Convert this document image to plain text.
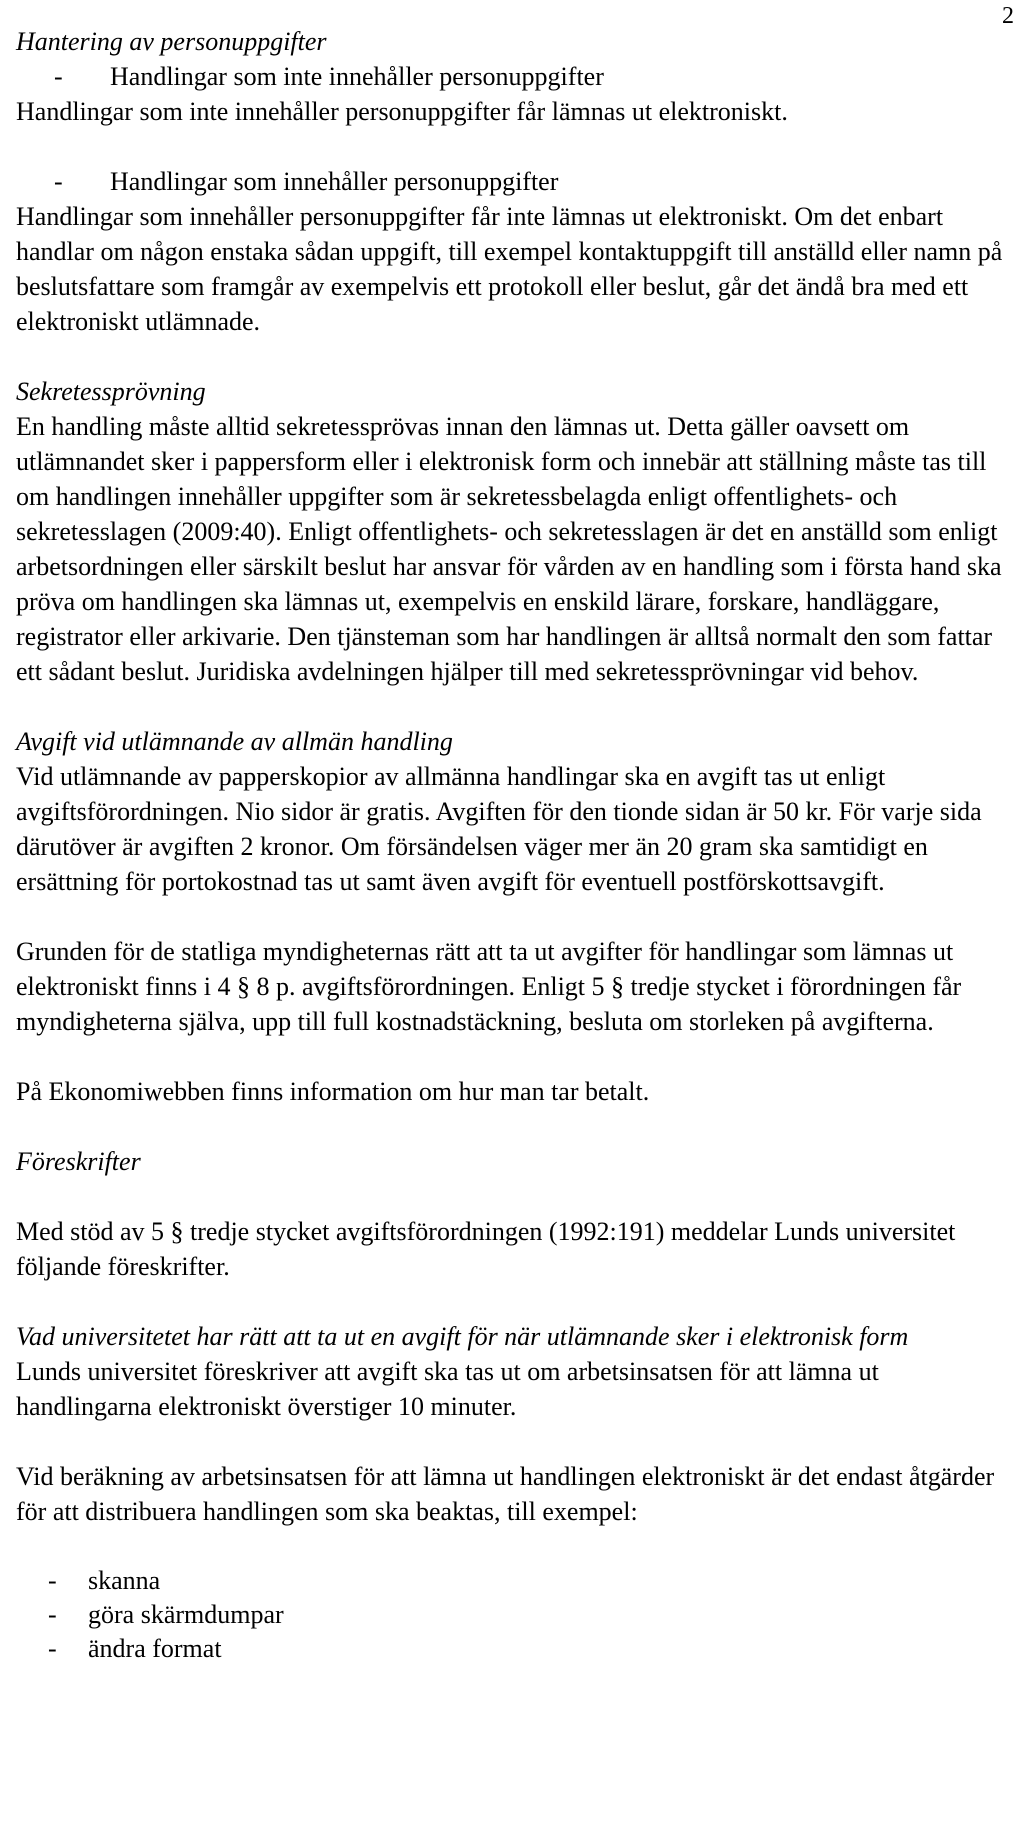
2

Hantering av personuppgifter

- Handlingar som inte innehåller personuppgifter

Handlingar som inte innehåller personuppgifter får lämnas ut elektroniskt.

- Handlingar som innehåller personuppgifter

Handlingar som innehåller personuppgifter får inte lämnas ut elektroniskt. Om det enbart handlar om någon enstaka sådan uppgift, till exempel kontaktuppgift till anställd eller namn på beslutsfattare som framgår av exempelvis ett protokoll eller beslut, går det ändå bra med ett elektroniskt utlämnade.

Sekretessprövning

En handling måste alltid sekretessprövas innan den lämnas ut. Detta gäller oavsett om utlämnandet sker i pappersform eller i elektronisk form och innebär att ställning måste tas till om handlingen innehåller uppgifter som är sekretessbelagda enligt offentlighets- och sekretesslagen (2009:40). Enligt offentlighets- och sekretesslagen är det en anställd som enligt arbetsordningen eller särskilt beslut har ansvar för vården av en handling som i första hand ska pröva om handlingen ska lämnas ut, exempelvis en enskild lärare, forskare, handläggare, registrator eller arkivarie. Den tjänsteman som har handlingen är alltså normalt den som fattar ett sådant beslut. Juridiska avdelningen hjälper till med sekretessprövningar vid behov.

Avgift vid utlämnande av allmän handling

Vid utlämnande av papperskopior av allmänna handlingar ska en avgift tas ut enligt avgiftsförordningen. Nio sidor är gratis. Avgiften för den tionde sidan är 50 kr. För varje sida därutöver är avgiften 2 kronor. Om försändelsen väger mer än 20 gram ska samtidigt en ersättning för portokostnad tas ut samt även avgift för eventuell postförskottsavgift.

Grunden för de statliga myndigheternas rätt att ta ut avgifter för handlingar som lämnas ut elektroniskt finns i 4 § 8 p. avgiftsförordningen. Enligt 5 § tredje stycket i förordningen får myndigheterna själva, upp till full kostnadstäckning, besluta om storleken på avgifterna.

På Ekonomiwebben finns information om hur man tar betalt.

Föreskrifter

Med stöd av 5 § tredje stycket avgiftsförordningen (1992:191) meddelar Lunds universitet följande föreskrifter.

Vad universitetet har rätt att ta ut en avgift för när utlämnande sker i elektronisk form

Lunds universitet föreskriver att avgift ska tas ut om arbetsinsatsen för att lämna ut handlingarna elektroniskt överstiger 10 minuter.

Vid beräkning av arbetsinsatsen för att lämna ut handlingen elektroniskt är det endast åtgärder för att distribuera handlingen som ska beaktas, till exempel:

- skanna
- göra skärmdumpar
- ändra format
